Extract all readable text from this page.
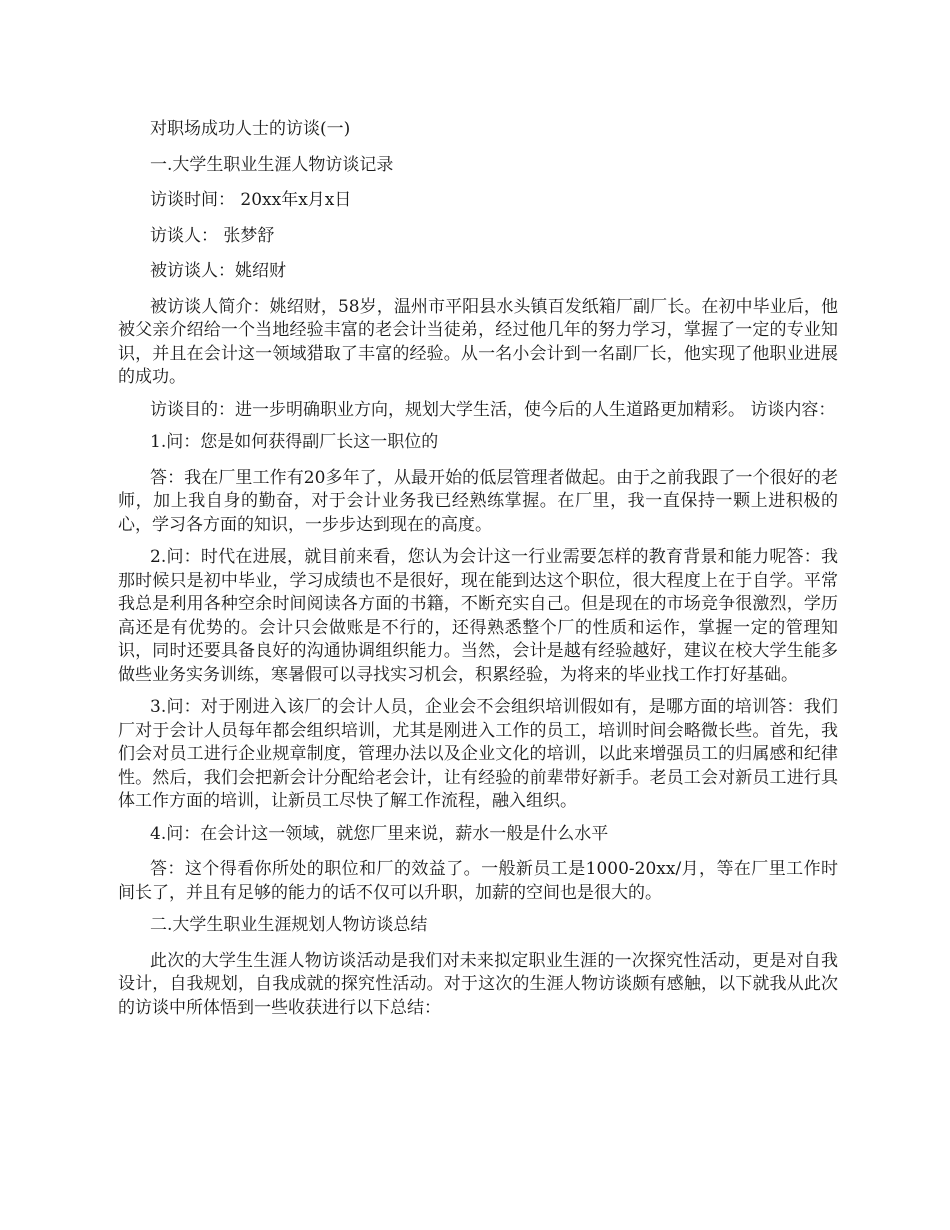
对职场成功人士的访谈(一)

一.大学生职业生涯人物访谈记录

访谈时间： 20xx年x月x日

访谈人： 张梦舒

被访谈人：姚绍财

被访谈人简介：姚绍财，58岁，温州市平阳县水头镇百发纸箱厂副厂长。在初中毕业后，他被父亲介绍给一个当地经验丰富的老会计当徒弟，经过他几年的努力学习，掌握了一定的专业知识，并且在会计这一领域猎取了丰富的经验。从一名小会计到一名副厂长，他实现了他职业进展的成功。

访谈目的：进一步明确职业方向，规划大学生活，使今后的人生道路更加精彩。 访谈内容：

1.问：您是如何获得副厂长这一职位的

答：我在厂里工作有20多年了，从最开始的低层管理者做起。由于之前我跟了一个很好的老师，加上我自身的勤奋，对于会计业务我已经熟练掌握。在厂里，我一直保持一颗上进积极的心，学习各方面的知识，一步步达到现在的高度。

2.问：时代在进展，就目前来看，您认为会计这一行业需要怎样的教育背景和能力呢答：我那时候只是初中毕业，学习成绩也不是很好，现在能到达这个职位，很大程度上在于自学。平常我总是利用各种空余时间阅读各方面的书籍，不断充实自己。但是现在的市场竞争很激烈，学历高还是有优势的。会计只会做账是不行的，还得熟悉整个厂的性质和运作，掌握一定的管理知识，同时还要具备良好的沟通协调组织能力。当然，会计是越有经验越好，建议在校大学生能多做些业务实务训练，寒暑假可以寻找实习机会，积累经验，为将来的毕业找工作打好基础。

3.问：对于刚进入该厂的会计人员，企业会不会组织培训假如有，是哪方面的培训答：我们厂对于会计人员每年都会组织培训，尤其是刚进入工作的员工，培训时间会略微长些。首先，我们会对员工进行企业规章制度，管理办法以及企业文化的培训，以此来增强员工的归属感和纪律性。然后，我们会把新会计分配给老会计，让有经验的前辈带好新手。老员工会对新员工进行具体工作方面的培训，让新员工尽快了解工作流程，融入组织。

4.问：在会计这一领域，就您厂里来说，薪水一般是什么水平

答：这个得看你所处的职位和厂的效益了。一般新员工是1000-20xx/月，等在厂里工作时间长了，并且有足够的能力的话不仅可以升职，加薪的空间也是很大的。

二.大学生职业生涯规划人物访谈总结

此次的大学生生涯人物访谈活动是我们对未来拟定职业生涯的一次探究性活动，更是对自我设计，自我规划，自我成就的探究性活动。对于这次的生涯人物访谈颇有感触，以下就我从此次的访谈中所体悟到一些收获进行以下总结：
